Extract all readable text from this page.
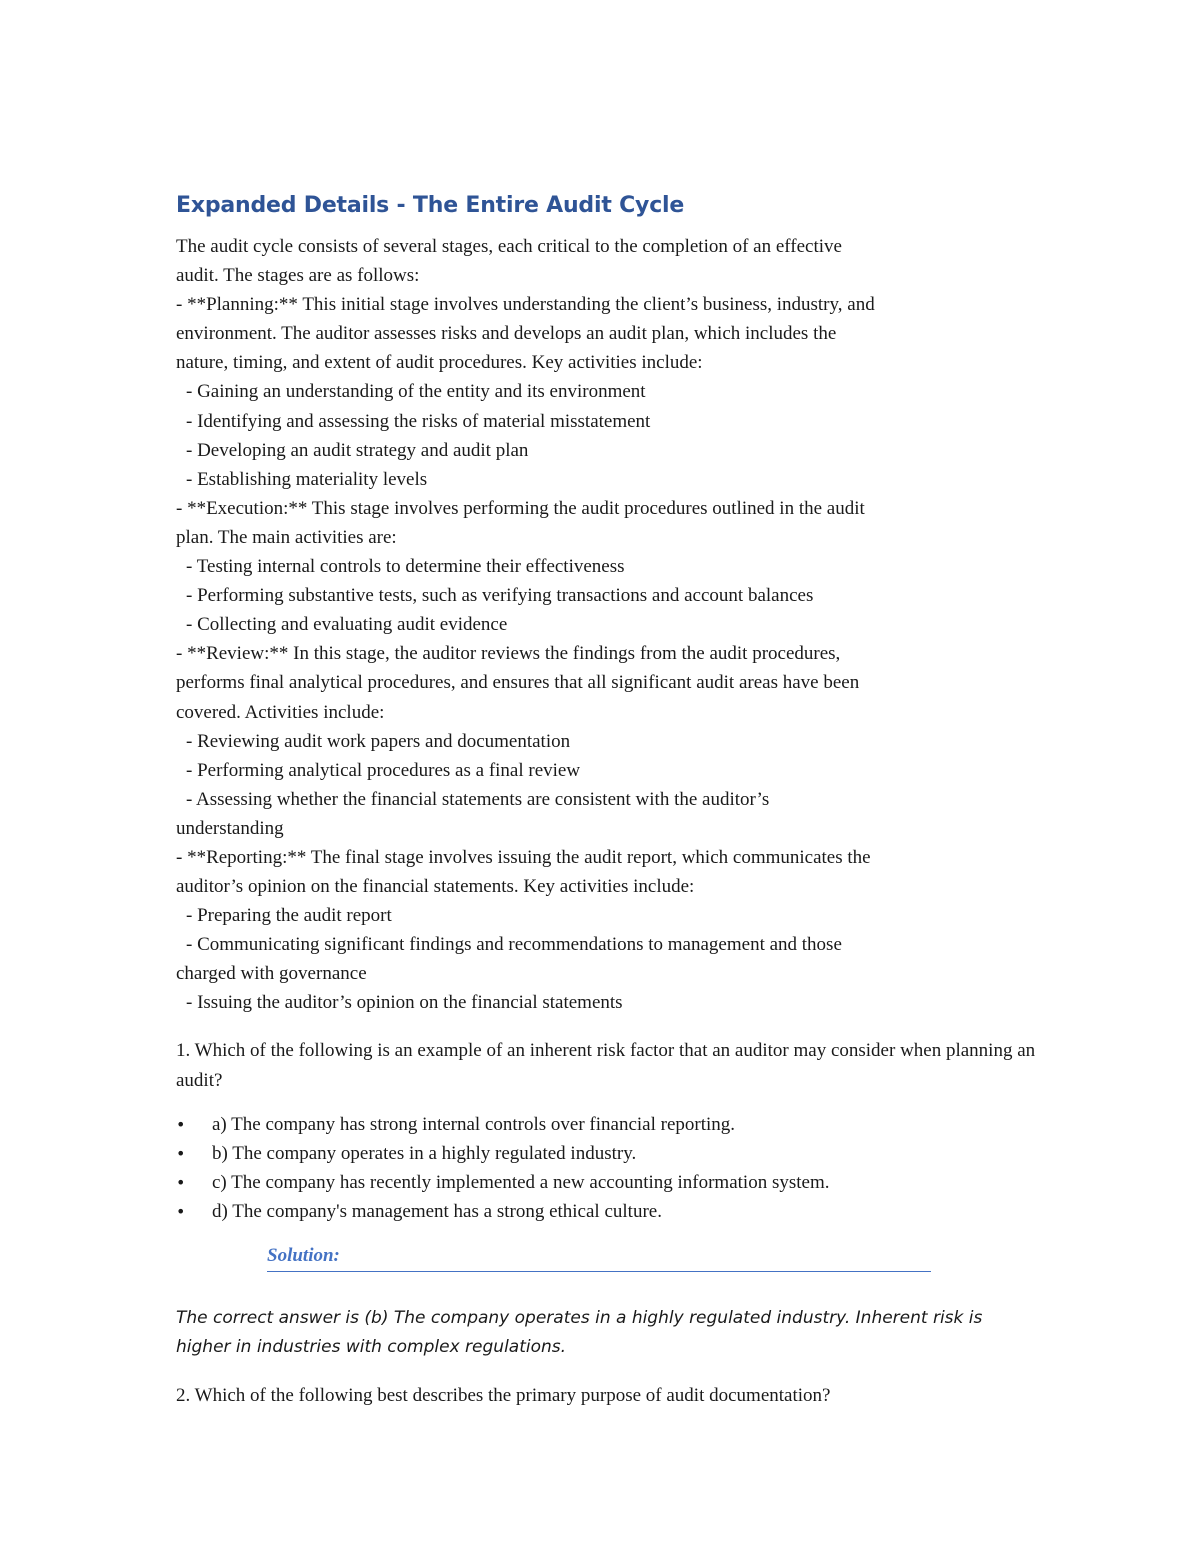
Expanded Details - The Entire Audit Cycle
The audit cycle consists of several stages, each critical to the completion of an effective
audit. The stages are as follows:
- **Planning:** This initial stage involves understanding the client’s business, industry, and
environment. The auditor assesses risks and develops an audit plan, which includes the
nature, timing, and extent of audit procedures. Key activities include:
- Gaining an understanding of the entity and its environment
- Identifying and assessing the risks of material misstatement
- Developing an audit strategy and audit plan
- Establishing materiality levels
- **Execution:** This stage involves performing the audit procedures outlined in the audit
plan. The main activities are:
- Testing internal controls to determine their effectiveness
- Performing substantive tests, such as verifying transactions and account balances
- Collecting and evaluating audit evidence
- **Review:** In this stage, the auditor reviews the findings from the audit procedures,
performs final analytical procedures, and ensures that all significant audit areas have been
covered. Activities include:
- Reviewing audit work papers and documentation
- Performing analytical procedures as a final review
- Assessing whether the financial statements are consistent with the auditor’s
understanding
- **Reporting:** The final stage involves issuing the audit report, which communicates the
auditor’s opinion on the financial statements. Key activities include:
- Preparing the audit report
- Communicating significant findings and recommendations to management and those
charged with governance
- Issuing the auditor’s opinion on the financial statements
1. Which of the following is an example of an inherent risk factor that an auditor may consider when planning an audit?
• a) The company has strong internal controls over financial reporting.
• b) The company operates in a highly regulated industry.
• c) The company has recently implemented a new accounting information system.
• d) The company's management has a strong ethical culture.
Solution:
The correct answer is (b) The company operates in a highly regulated industry. Inherent risk is higher in industries with complex regulations.
2. Which of the following best describes the primary purpose of audit documentation?
